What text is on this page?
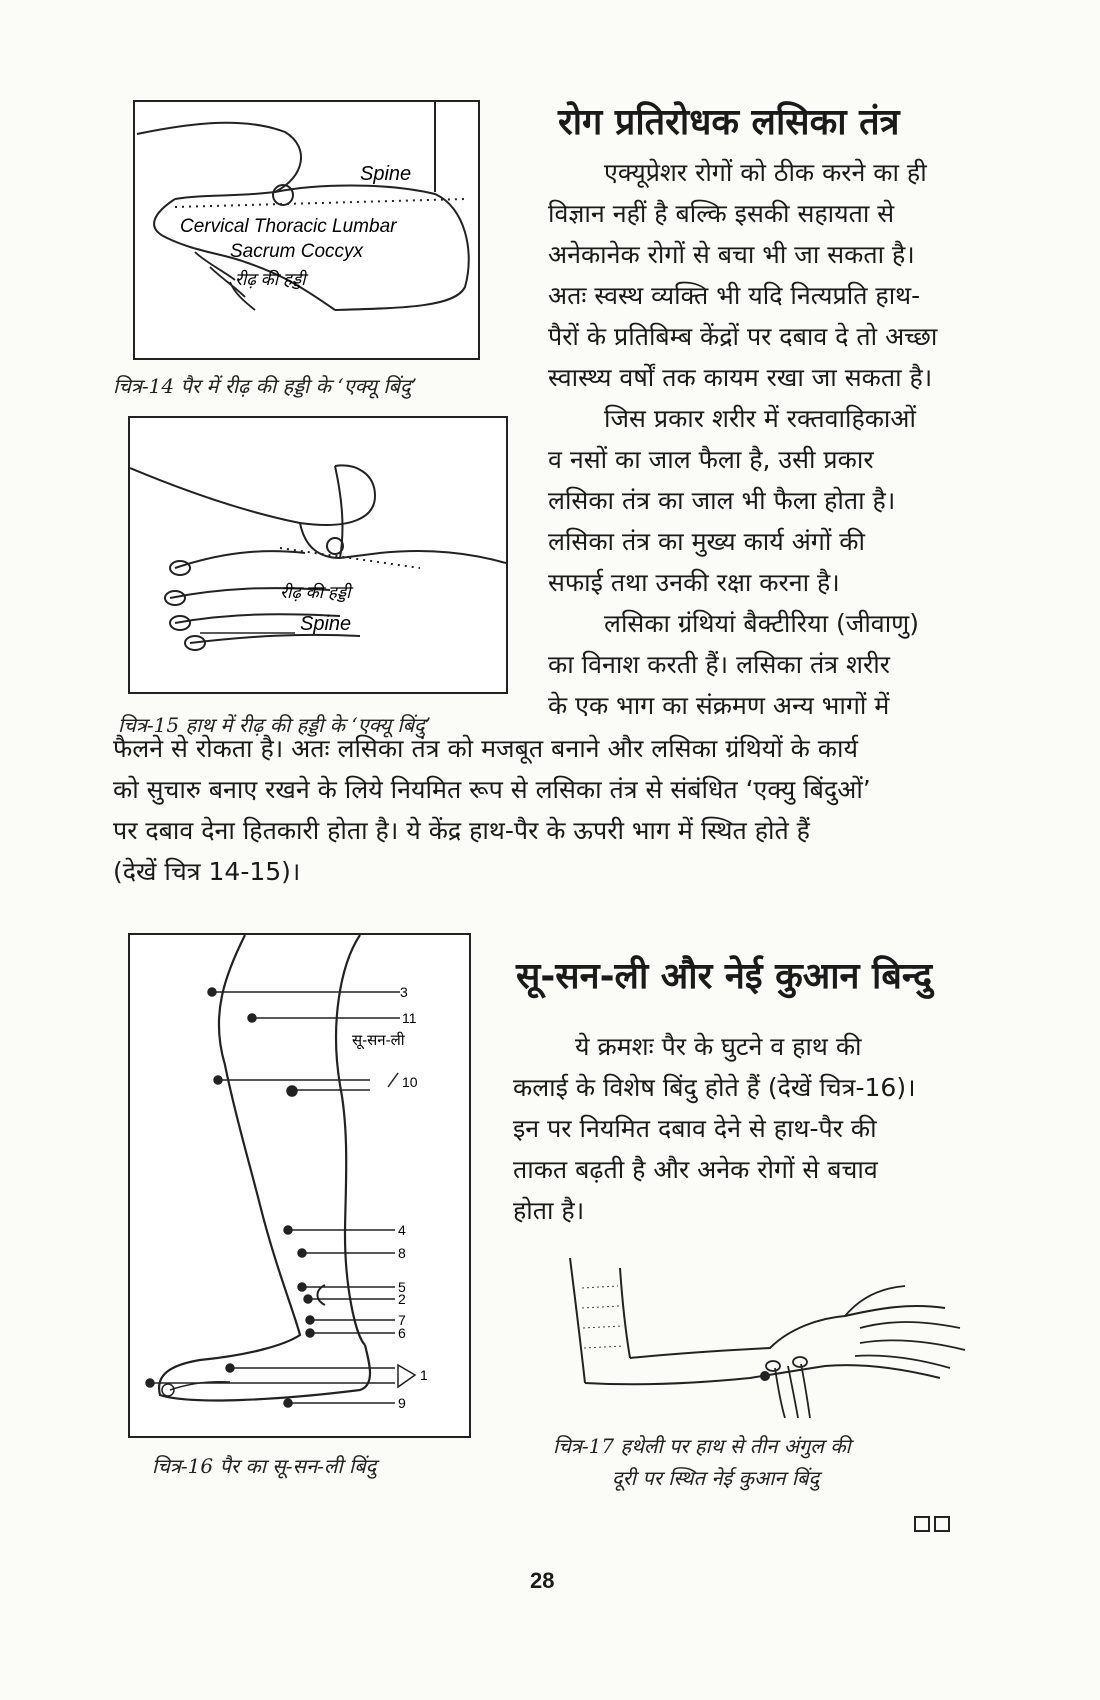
Spine
Cervical Thoracic Lumbar
Sacrum Coccyx
रीढ़ की हड्डी
चित्र-14 पैर में रीढ़ की हड्डी के ‘एक्यू बिंदु’
रीढ़ की हड्डी
Spine
चित्र-15 हाथ में रीढ़ की हड्डी के ‘एक्यू बिंदु’
रोग प्रतिरोधक लसिका तंत्र
एक्यूप्रेशर रोगों को ठीक करने का ही
विज्ञान नहीं है बल्कि इसकी सहायता से
अनेकानेक रोगों से बचा भी जा सकता है।
अतः स्वस्थ व्यक्ति भी यदि नित्यप्रति हाथ-
पैरों के प्रतिबिम्ब केंद्रों पर दबाव दे तो अच्छा
स्वास्थ्य वर्षों तक कायम रखा जा सकता है।
जिस प्रकार शरीर में रक्तवाहिकाओं
व नसों का जाल फैला है, उसी प्रकार
लसिका तंत्र का जाल भी फैला होता है।
लसिका तंत्र का मुख्य कार्य अंगों की
सफाई तथा उनकी रक्षा करना है।
लसिका ग्रंथियां बैक्टीरिया (जीवाणु)
का विनाश करती हैं। लसिका तंत्र शरीर
के एक भाग का संक्रमण अन्य भागों में
फैलने से रोकता है। अतः लसिका तंत्र को मजबूत बनाने और लसिका ग्रंथियों के कार्य
को सुचारु बनाए रखने के लिये नियमित रूप से लसिका तंत्र से संबंधित ‘एक्यु बिंदुओं’
पर दबाव देना हितकारी होता है। ये केंद्र हाथ-पैर के ऊपरी भाग में स्थित होते हैं
(देखें चित्र 14-15)।
3
11
सू-सन-ली
10
4
8
5
2
7
6
1
9
चित्र-16 पैर का सू-सन-ली बिंदु
सू-सन-ली और नेई कुआन बिन्दु
ये क्रमशः पैर के घुटने व हाथ की
कलाई के विशेष बिंदु होते हैं (देखें चित्र-16)।
इन पर नियमित दबाव देने से हाथ-पैर की
ताकत बढ़ती है और अनेक रोगों से बचाव
होता है।
चित्र-17 हथेली पर हाथ से तीन अंगुल की
दूरी पर स्थित नेई कुआन बिंदु
28
